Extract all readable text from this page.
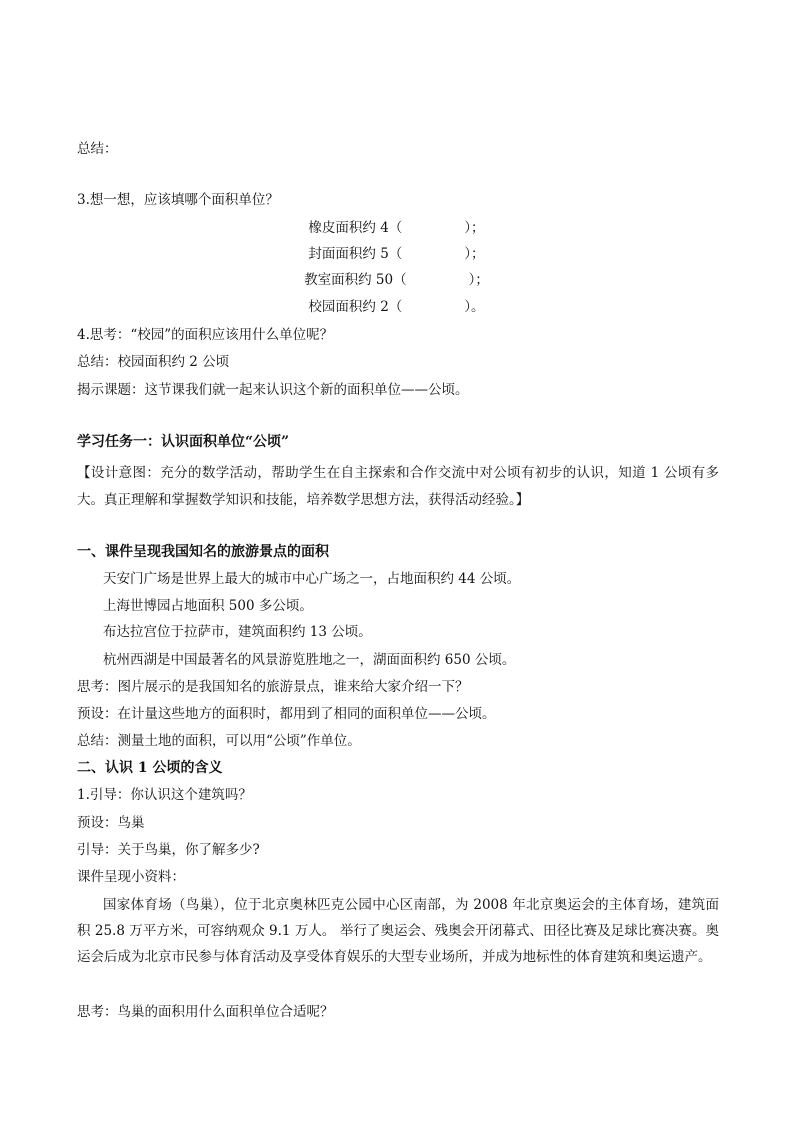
总结：
3.想一想，应该填哪个面积单位？
橡皮面积约 4（	）；
封面面积约 5（	）；
教室面积约 50（	）；
校园面积约 2（	）。
4.思考：“校园”的面积应该用什么单位呢？
总结：校园面积约 2 公顷
揭示课题：这节课我们就一起来认识这个新的面积单位——公顷。
学习任务一：认识面积单位“公顷”
【设计意图：充分的数学活动，帮助学生在自主探索和合作交流中对公顷有初步的认识，知道 1 公顷有多大。真正理解和掌握数学知识和技能，培养数学思想方法，获得活动经验。】
一、课件呈现我国知名的旅游景点的面积
天安门广场是世界上最大的城市中心广场之一，占地面积约 44 公顷。
上海世博园占地面积 500 多公顷。
布达拉宫位于拉萨市，建筑面积约 13 公顷。
杭州西湖是中国最著名的风景游览胜地之一，湖面面积约 650 公顷。
思考：图片展示的是我国知名的旅游景点，谁来给大家介绍一下？
预设：在计量这些地方的面积时，都用到了相同的面积单位——公顷。
总结：测量土地的面积，可以用“公顷”作单位。
二、认识 1 公顷的含义
1.引导：你认识这个建筑吗？
预设：鸟巢
引导：关于鸟巢，你了解多少?
课件呈现小资料：
国家体育场（鸟巢），位于北京奥林匹克公园中心区南部，为 2008 年北京奥运会的主体育场，建筑面积 25.8 万平方米，可容纳观众 9.1 万人。 举行了奥运会、残奥会开闭幕式、田径比赛及足球比赛决赛。奥运会后成为北京市民参与体育活动及享受体育娱乐的大型专业场所，并成为地标性的体育建筑和奥运遗产。
思考：鸟巢的面积用什么面积单位合适呢？
